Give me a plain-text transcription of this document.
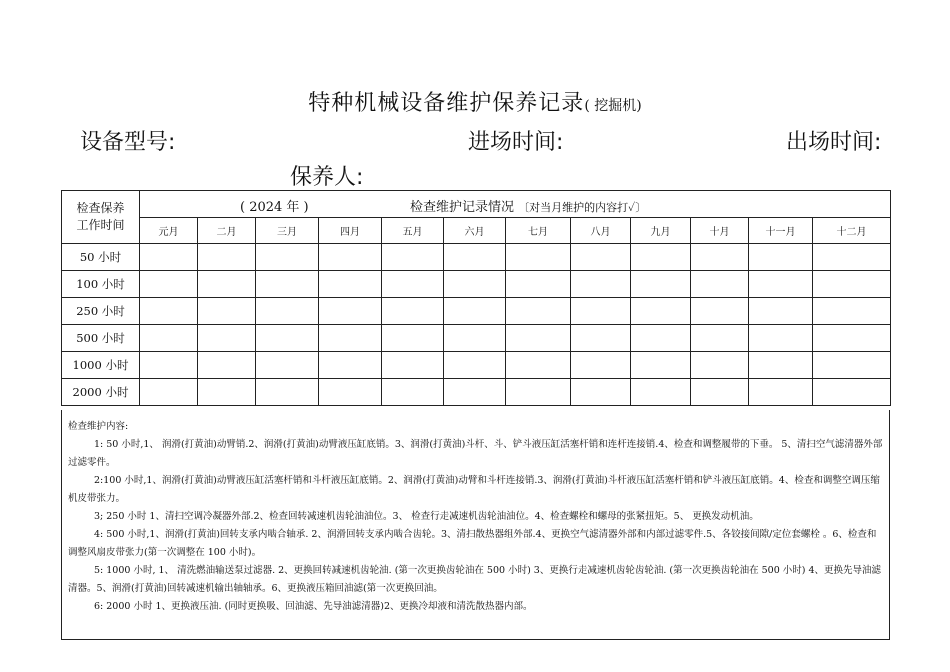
特种机械设备维护保养记录( 挖掘机)
设备型号:	进场时间:	出场时间:
保养人:
检查保养
工作时间	( 2024 年 ) 检查维护记录情况 〔对当月维护的内容打✓〕											

	元月	二月	三月	四月	五月	六月	七月	八月	九月	十月	十一月	十二月
50 小时												
100 小时												
250 小时												
500 小时												
1000 小时												
2000 小时												

检查维护内容:

1: 50 小时,1、 润滑(打黄油)动臂销.2、润滑(打黄油)动臂液压缸底销。3、润滑(打黄油)斗杆、斗、铲斗液压缸活塞杆销和连杆连接销.4、检查和调整履带的下垂。 5、清扫空气滤清器外部过滤零件。

2:100 小时,1、润滑(打黄油)动臂液压缸活塞杆销和斗杆液压缸底销。2、润滑(打黄油)动臂和斗杆连接销.3、润滑(打黄油)斗杆液压缸活塞杆销和铲斗液压缸底销。4、检查和调整空调压缩机皮带张力。

3; 250 小时 1、清扫空调冷凝器外部.2、检查回转减速机齿轮油油位。3、 检查行走减速机齿轮油油位。4、检查螺栓和螺母的张紧扭矩。5、 更换发动机油。

4: 500 小时,1、润滑(打黄油)回转支承内啮合轴承. 2、润滑回转支承内啮合齿轮。3、清扫散热器组外部.4、更换空气滤清器外部和内部过滤零件.5、各铰接间隙/定位套螺栓 。6、检查和调整风扇皮带张力(第一次调整在 100 小时)。

5: 1000 小时, 1、 清洗燃油输送泵过滤器. 2、更换回转减速机齿轮油. (第一次更换齿轮油在 500 小时) 3、更换行走减速机齿轮齿轮油. (第一次更换齿轮油在 500 小时) 4、更换先导油滤清器。5、润滑(打黄油)回转减速机输出轴轴承。6、更换液压箱回油滤(第一次更换回油。

6: 2000 小时 1、更换液压油. (同时更换吸、回油滤、先导油滤清器)2、更换冷却液和清洗散热器内部。
